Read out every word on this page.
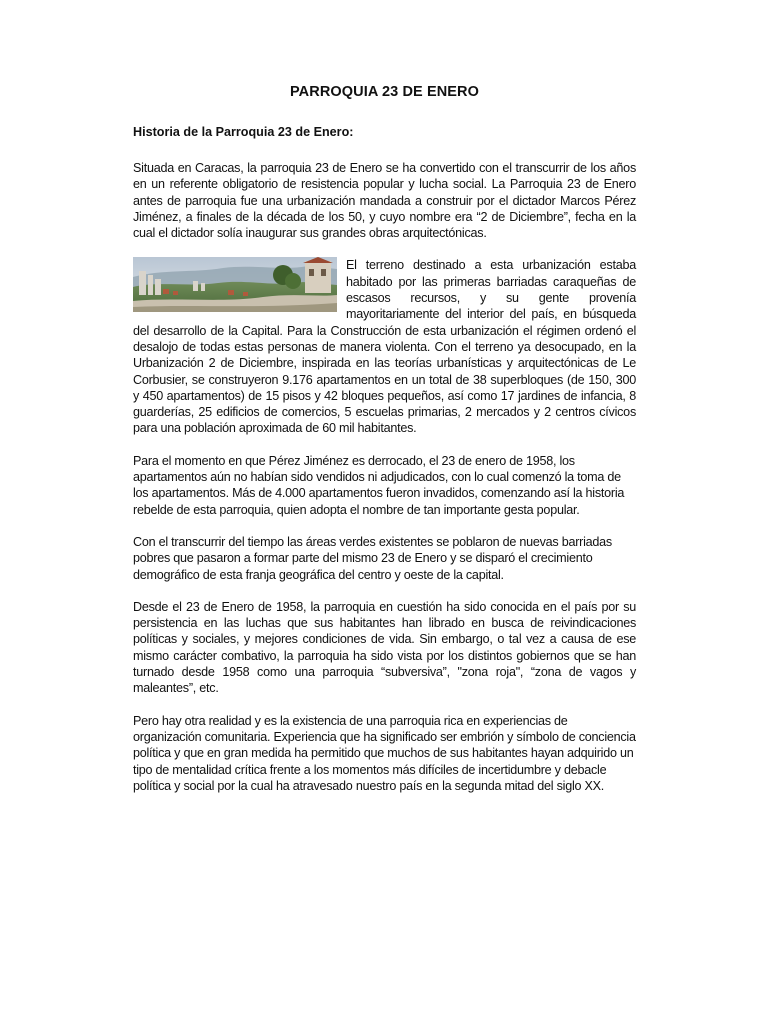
PARROQUIA 23 DE ENERO
Historia de la Parroquia 23 de Enero:

Situada en Caracas, la parroquia 23 de Enero se ha convertido con el transcurrir de los años en un referente obligatorio de resistencia popular y lucha social. La Parroquia 23 de Enero antes de parroquia fue una urbanización mandada a construir por el dictador Marcos Pérez Jiménez, a finales de la década de los 50, y cuyo nombre era “2 de Diciembre”, fecha en la cual el dictador solía inaugurar sus grandes obras arquitectónicas.

El terreno destinado a esta urbanización estaba habitado por las primeras barriadas caraqueñas de escasos recursos, y su gente provenía mayoritariamente del interior del país, en búsqueda del desarrollo de la Capital. Para la Construcción de esta urbanización el régimen ordenó el desalojo de todas estas personas de manera violenta. Con el terreno ya desocupado, en la Urbanización 2 de Diciembre, inspirada en las teorías urbanísticas y arquitectónicas de Le Corbusier, se construyeron 9.176 apartamentos en un total de 38 superbloques (de 150, 300 y 450 apartamentos) de 15 pisos y 42 bloques pequeños, así como 17 jardines de infancia, 8 guarderías, 25 edificios de comercios, 5 escuelas primarias, 2 mercados y 2 centros cívicos para una población aproximada de 60 mil habitantes.

Para el momento en que Pérez Jiménez es derrocado, el 23 de enero de 1958, los apartamentos aún no habían sido vendidos ni adjudicados, con lo cual comenzó la toma de los apartamentos. Más de 4.000 apartamentos fueron invadidos, comenzando así la historia rebelde de esta parroquia, quien adopta el nombre de tan importante gesta popular.

Con el transcurrir del tiempo las áreas verdes existentes se poblaron de nuevas barriadas pobres que pasaron a formar parte del mismo 23 de Enero y se disparó el crecimiento demográfico de esta franja geográfica del centro y oeste de la capital.

Desde el 23 de Enero de 1958, la parroquia en cuestión ha sido conocida en el país por su persistencia en las luchas que sus habitantes han librado en busca de reivindicaciones políticas y sociales, y mejores condiciones de vida. Sin embargo, o tal vez a causa de ese mismo carácter combativo, la parroquia ha sido vista por los distintos gobiernos que se han turnado desde 1958 como una parroquia “subversiva”, "zona roja", “zona de vagos y maleantes”, etc.

Pero hay otra realidad y es la existencia de una parroquia rica en experiencias de organización comunitaria. Experiencia que ha significado ser embrión y símbolo de conciencia política y que en gran medida ha permitido que muchos de sus habitantes hayan adquirido un tipo de mentalidad crítica frente a los momentos más difíciles de incertidumbre y debacle política y social por la cual ha atravesado nuestro país en la segunda mitad del siglo XX.
